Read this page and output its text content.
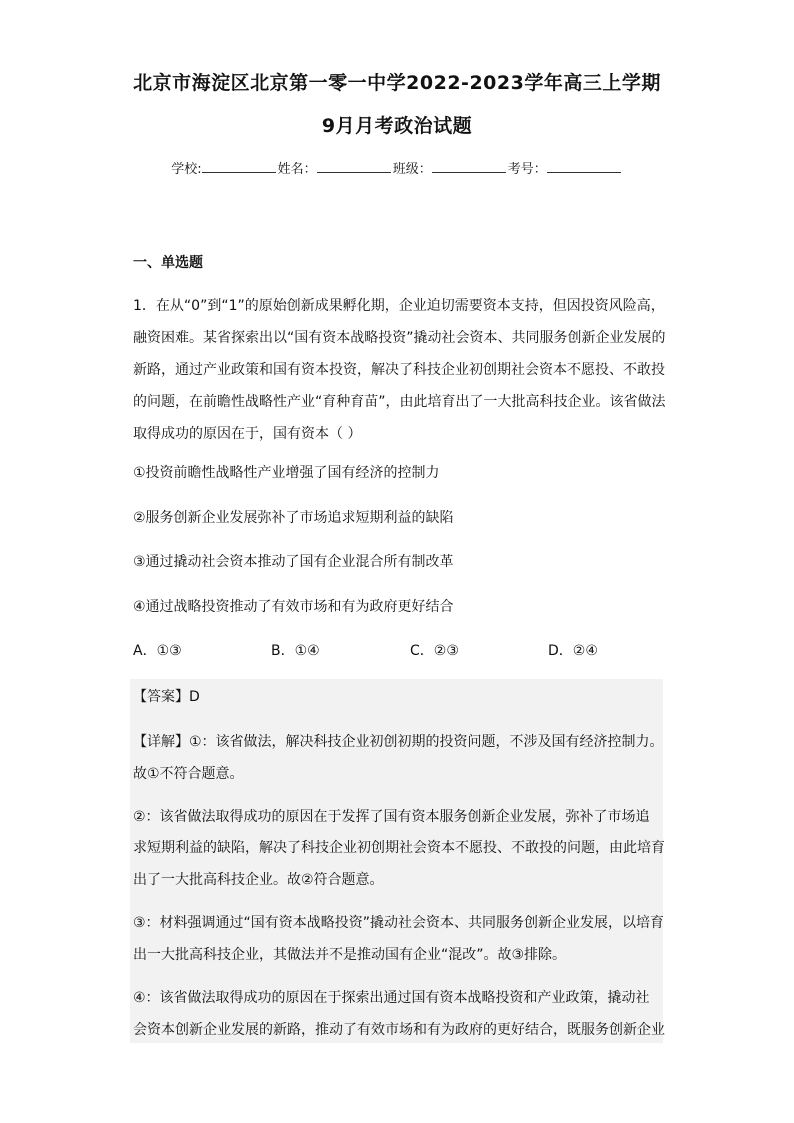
北京市海淀区北京第一零一中学2022-2023学年高三上学期
9月月考政治试题
学校:	姓名：	班级：	考号：
一、单选题
1．在从“0”到“1”的原始创新成果孵化期，企业迫切需要资本支持，但因投资风险高，
融资困难。某省探索出以“国有资本战略投资”撬动社会资本、共同服务创新企业发展的
新路，通过产业政策和国有资本投资，解决了科技企业初创期社会资本不愿投、不敢投
的问题，在前瞻性战略性产业“育种育苗”，由此培育出了一大批高科技企业。该省做法
取得成功的原因在于，国有资本（ ）
①投资前瞻性战略性产业增强了国有经济的控制力
②服务创新企业发展弥补了市场追求短期利益的缺陷
③通过撬动社会资本推动了国有企业混合所有制改革
④通过战略投资推动了有效市场和有为政府更好结合
A．①③	B．①④	C．②③	D．②④
【答案】D
【详解】①：该省做法，解决科技企业初创初期的投资问题，不涉及国有经济控制力。
故①不符合题意。
②：该省做法取得成功的原因在于发挥了国有资本服务创新企业发展，弥补了市场追
求短期利益的缺陷，解决了科技企业初创期社会资本不愿投、不敢投的问题，由此培育
出了一大批高科技企业。故②符合题意。
③：材料强调通过“国有资本战略投资”撬动社会资本、共同服务创新企业发展，以培育
出一大批高科技企业，其做法并不是推动国有企业“混改”。故③排除。
④：该省做法取得成功的原因在于探索出通过国有资本战略投资和产业政策，撬动社
会资本创新企业发展的新路，推动了有效市场和有为政府的更好结合，既服务创新企业
